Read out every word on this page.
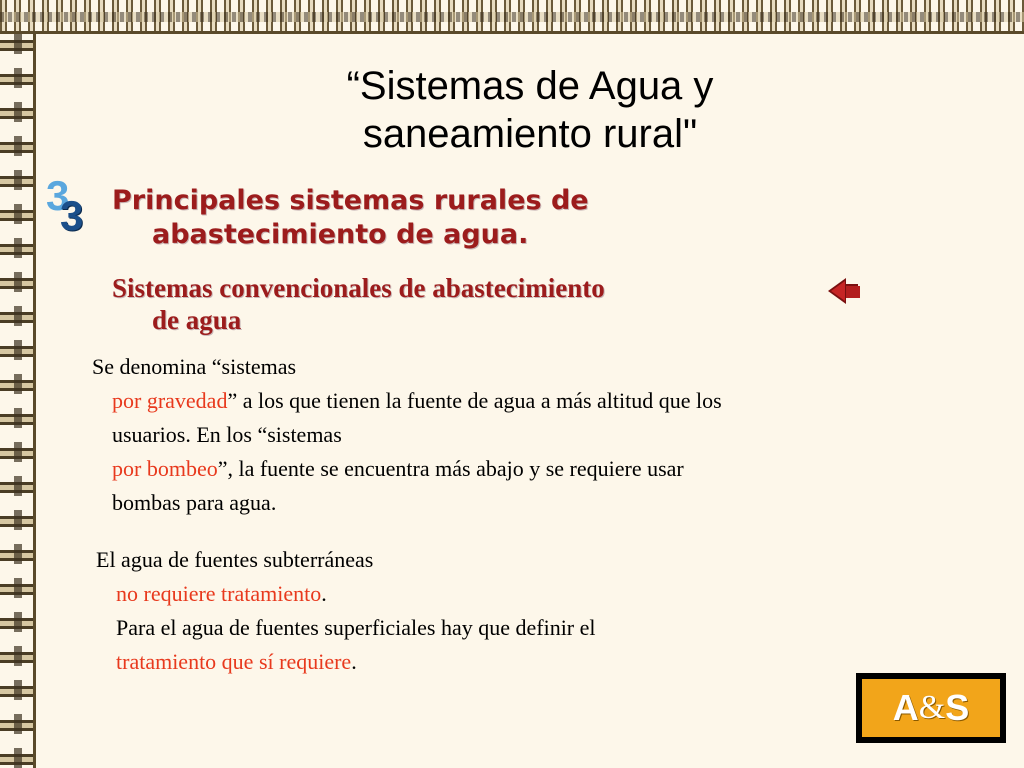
“Sistemas de Agua y
saneamiento rural"
3
3 Principales sistemas rurales de
abastecimiento de agua.
Sistemas convencionales de abastecimiento
de agua
Se denomina “sistemas
por gravedad” a los que tienen la fuente de agua a más altitud que los
usuarios. En los “sistemas
por bombeo”, la fuente se encuentra más abajo y se requiere usar
bombas para agua.
El agua de fuentes subterráneas
no requiere tratamiento.
Para el agua de fuentes superficiales hay que definir el
tratamiento que sí requiere.
A & S
